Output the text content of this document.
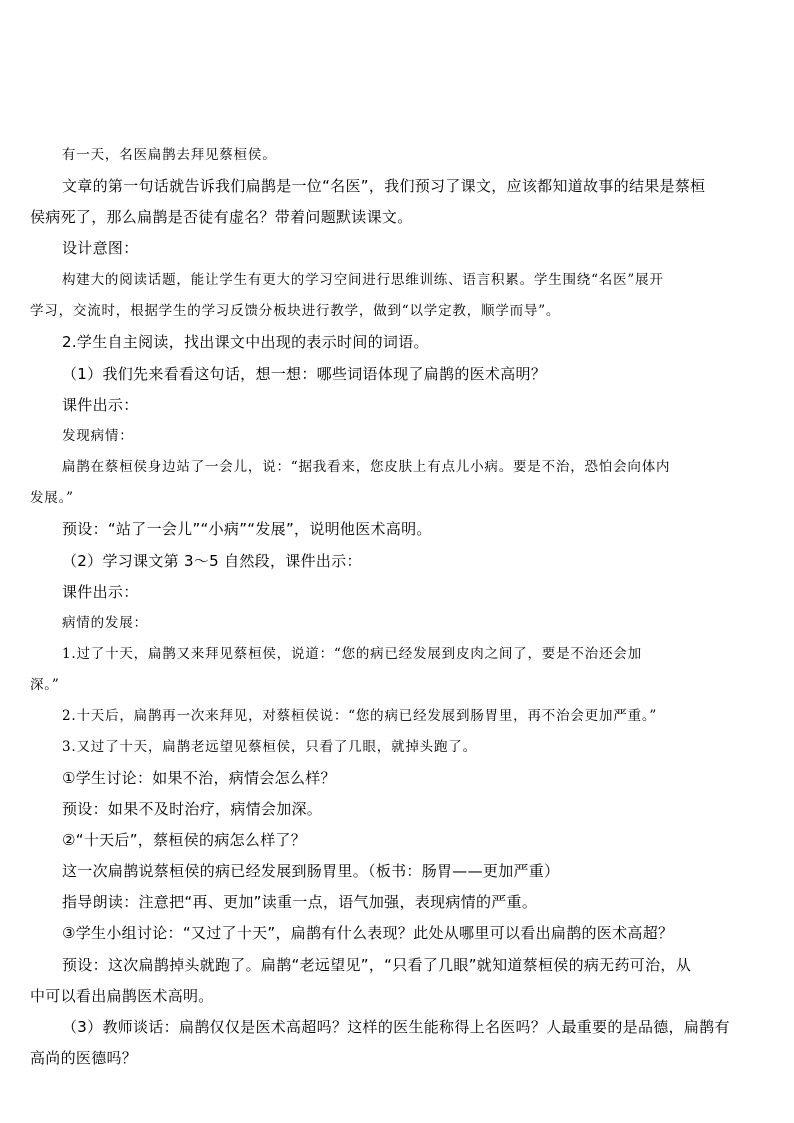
有一天，名医扁鹊去拜见蔡桓侯。
文章的第一句话就告诉我们扁鹊是一位“名医”，我们预习了课文，应该都知道故事的结果是蔡桓
侯病死了，那么扁鹊是否徒有虚名？带着问题默读课文。
设计意图：
构建大的阅读话题，能让学生有更大的学习空间进行思维训练、语言积累。学生围绕“名医”展开
学习，交流时，根据学生的学习反馈分板块进行教学，做到“以学定教，顺学而导”。
2.学生自主阅读，找出课文中出现的表示时间的词语。
（1）我们先来看看这句话，想一想：哪些词语体现了扁鹊的医术高明？
课件出示：
发现病情：
扁鹊在蔡桓侯身边站了一会儿，说：“据我看来，您皮肤上有点儿小病。要是不治，恐怕会向体内
发展。”
预设：“站了一会儿”“小病”“发展”，说明他医术高明。
（2）学习课文第 3～5 自然段，课件出示：
课件出示：
病情的发展：
1.过了十天，扁鹊又来拜见蔡桓侯，说道：“您的病已经发展到皮肉之间了，要是不治还会加
深。”
2.十天后，扁鹊再一次来拜见，对蔡桓侯说：“您的病已经发展到肠胃里，再不治会更加严重。”
3.又过了十天，扁鹊老远望见蔡桓侯，只看了几眼，就掉头跑了。
①学生讨论：如果不治，病情会怎么样？
预设：如果不及时治疗，病情会加深。
②“十天后”，蔡桓侯的病怎么样了？
这一次扁鹊说蔡桓侯的病已经发展到肠胃里。（板书：肠胃——更加严重）
指导朗读：注意把“再、更加”读重一点，语气加强，表现病情的严重。
③学生小组讨论：“又过了十天”，扁鹊有什么表现？此处从哪里可以看出扁鹊的医术高超？
预设：这次扁鹊掉头就跑了。扁鹊“老远望见”，“只看了几眼”就知道蔡桓侯的病无药可治，从
中可以看出扁鹊医术高明。
（3）教师谈话：扁鹊仅仅是医术高超吗？这样的医生能称得上名医吗？人最重要的是品德，扁鹊有
高尚的医德吗？
